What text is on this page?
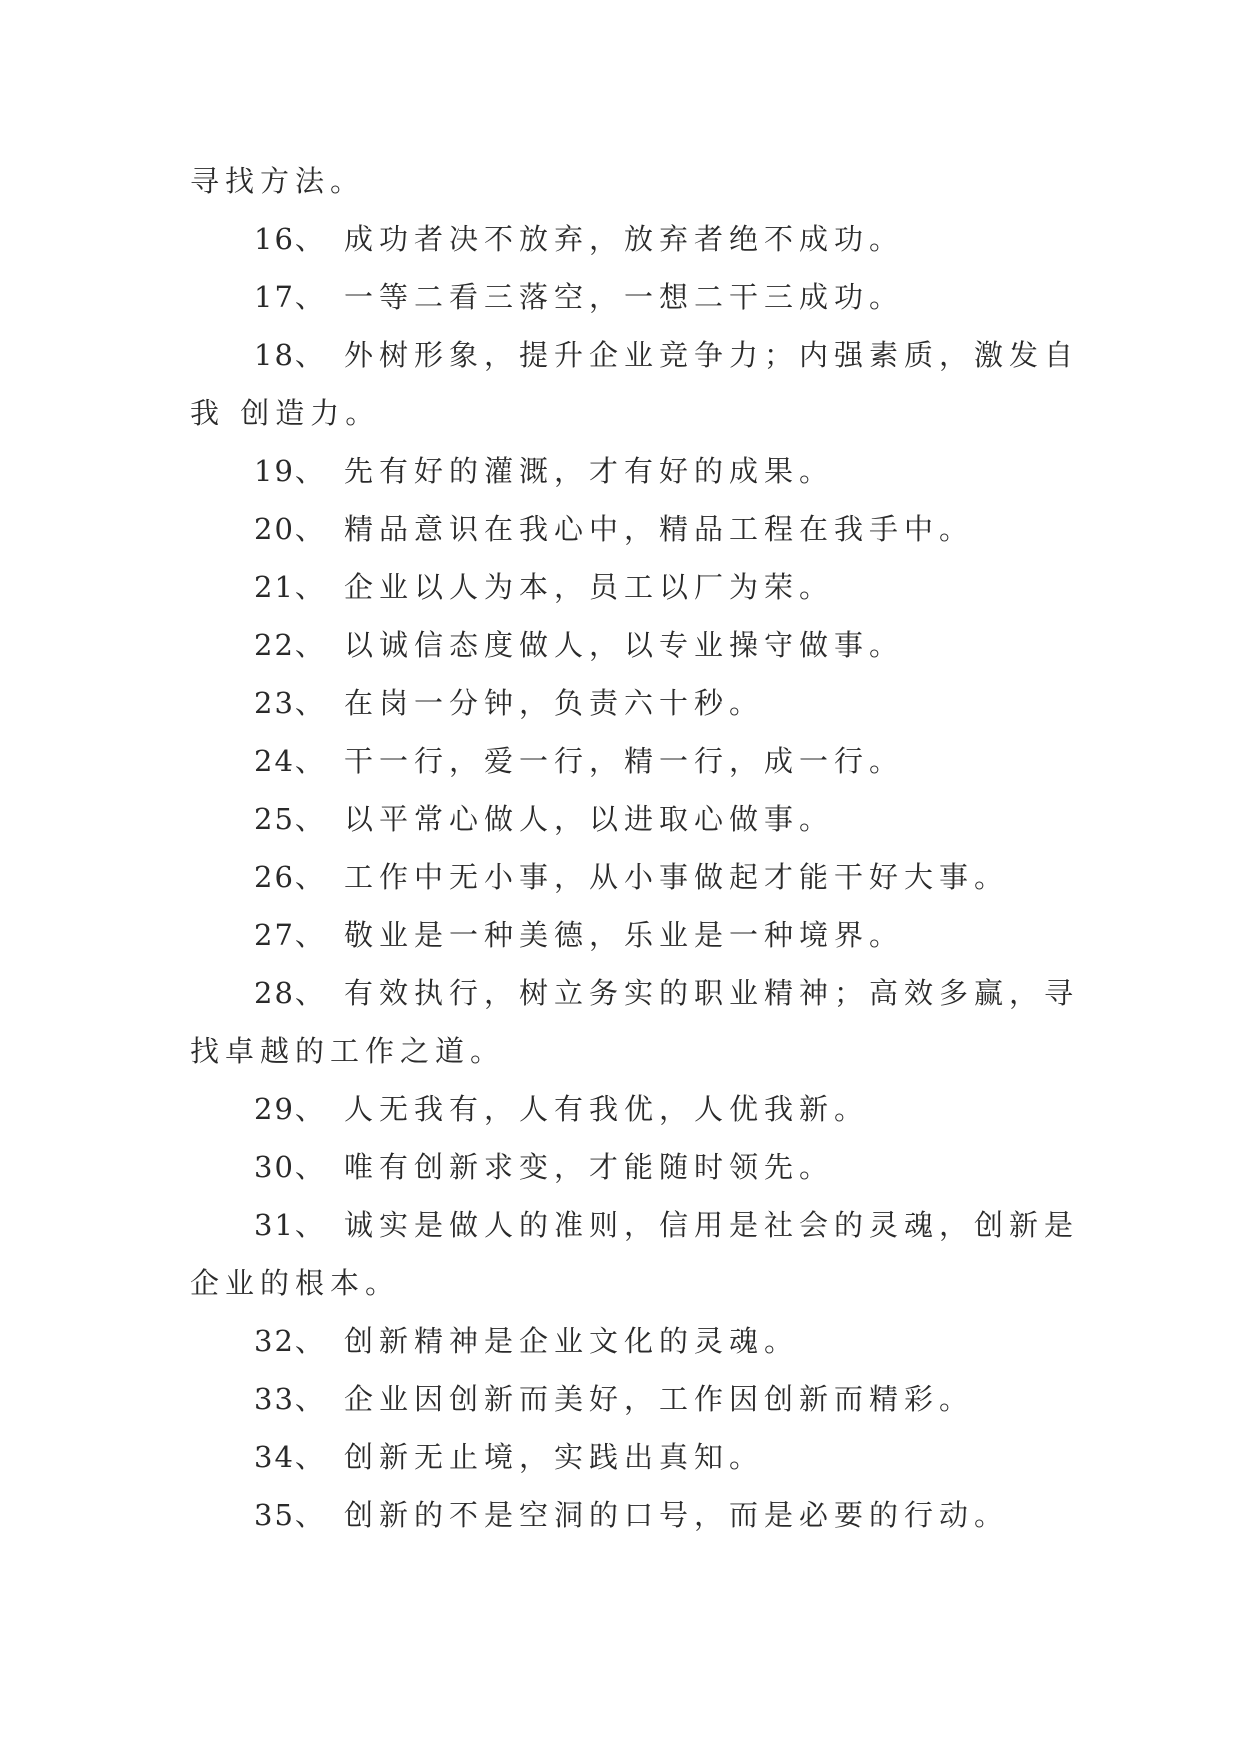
寻找方法。
16、 成功者决不放弃，放弃者绝不成功。
17、 一等二看三落空，一想二干三成功。
18、 外树形象，提升企业竞争力；内强素质，激发自
我 创造力。
19、 先有好的灌溉，才有好的成果。
20、 精品意识在我心中，精品工程在我手中。
21、 企业以人为本，员工以厂为荣。
22、 以诚信态度做人，以专业操守做事。
23、 在岗一分钟，负责六十秒。
24、 干一行，爱一行，精一行，成一行。
25、 以平常心做人，以进取心做事。
26、 工作中无小事，从小事做起才能干好大事。
27、 敬业是一种美德，乐业是一种境界。
28、 有效执行，树立务实的职业精神；高效多赢，寻
找卓越的工作之道。
29、 人无我有，人有我优，人优我新。
30、 唯有创新求变，才能随时领先。
31、 诚实是做人的准则，信用是社会的灵魂，创新是
企业的根本。
32、 创新精神是企业文化的灵魂。
33、 企业因创新而美好，工作因创新而精彩。
34、 创新无止境，实践出真知。
35、 创新的不是空洞的口号，而是必要的行动。
